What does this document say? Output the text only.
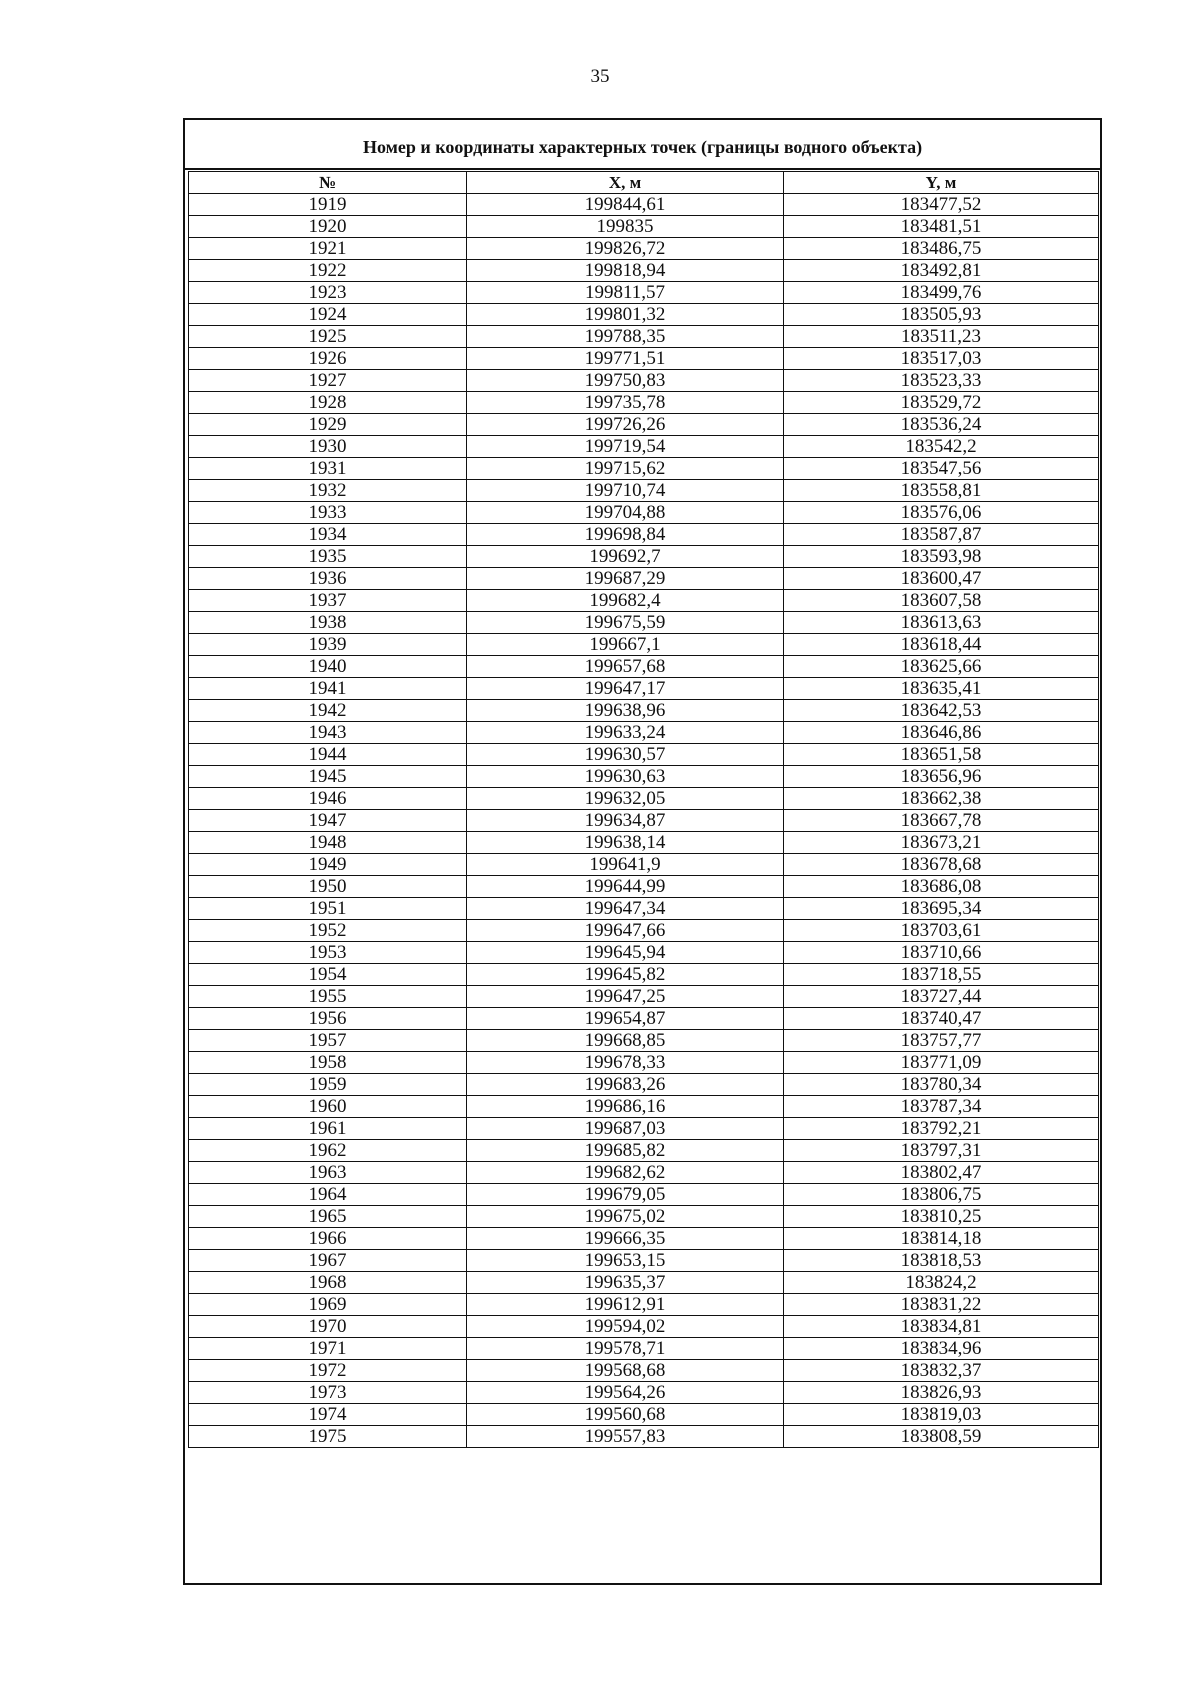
35
Номер и координаты характерных точек (границы водного объекта)
№	X, м	Y, м
1919	199844,61	183477,52
1920	199835	183481,51
1921	199826,72	183486,75
1922	199818,94	183492,81
1923	199811,57	183499,76
1924	199801,32	183505,93
1925	199788,35	183511,23
1926	199771,51	183517,03
1927	199750,83	183523,33
1928	199735,78	183529,72
1929	199726,26	183536,24
1930	199719,54	183542,2
1931	199715,62	183547,56
1932	199710,74	183558,81
1933	199704,88	183576,06
1934	199698,84	183587,87
1935	199692,7	183593,98
1936	199687,29	183600,47
1937	199682,4	183607,58
1938	199675,59	183613,63
1939	199667,1	183618,44
1940	199657,68	183625,66
1941	199647,17	183635,41
1942	199638,96	183642,53
1943	199633,24	183646,86
1944	199630,57	183651,58
1945	199630,63	183656,96
1946	199632,05	183662,38
1947	199634,87	183667,78
1948	199638,14	183673,21
1949	199641,9	183678,68
1950	199644,99	183686,08
1951	199647,34	183695,34
1952	199647,66	183703,61
1953	199645,94	183710,66
1954	199645,82	183718,55
1955	199647,25	183727,44
1956	199654,87	183740,47
1957	199668,85	183757,77
1958	199678,33	183771,09
1959	199683,26	183780,34
1960	199686,16	183787,34
1961	199687,03	183792,21
1962	199685,82	183797,31
1963	199682,62	183802,47
1964	199679,05	183806,75
1965	199675,02	183810,25
1966	199666,35	183814,18
1967	199653,15	183818,53
1968	199635,37	183824,2
1969	199612,91	183831,22
1970	199594,02	183834,81
1971	199578,71	183834,96
1972	199568,68	183832,37
1973	199564,26	183826,93
1974	199560,68	183819,03
1975	199557,83	183808,59
